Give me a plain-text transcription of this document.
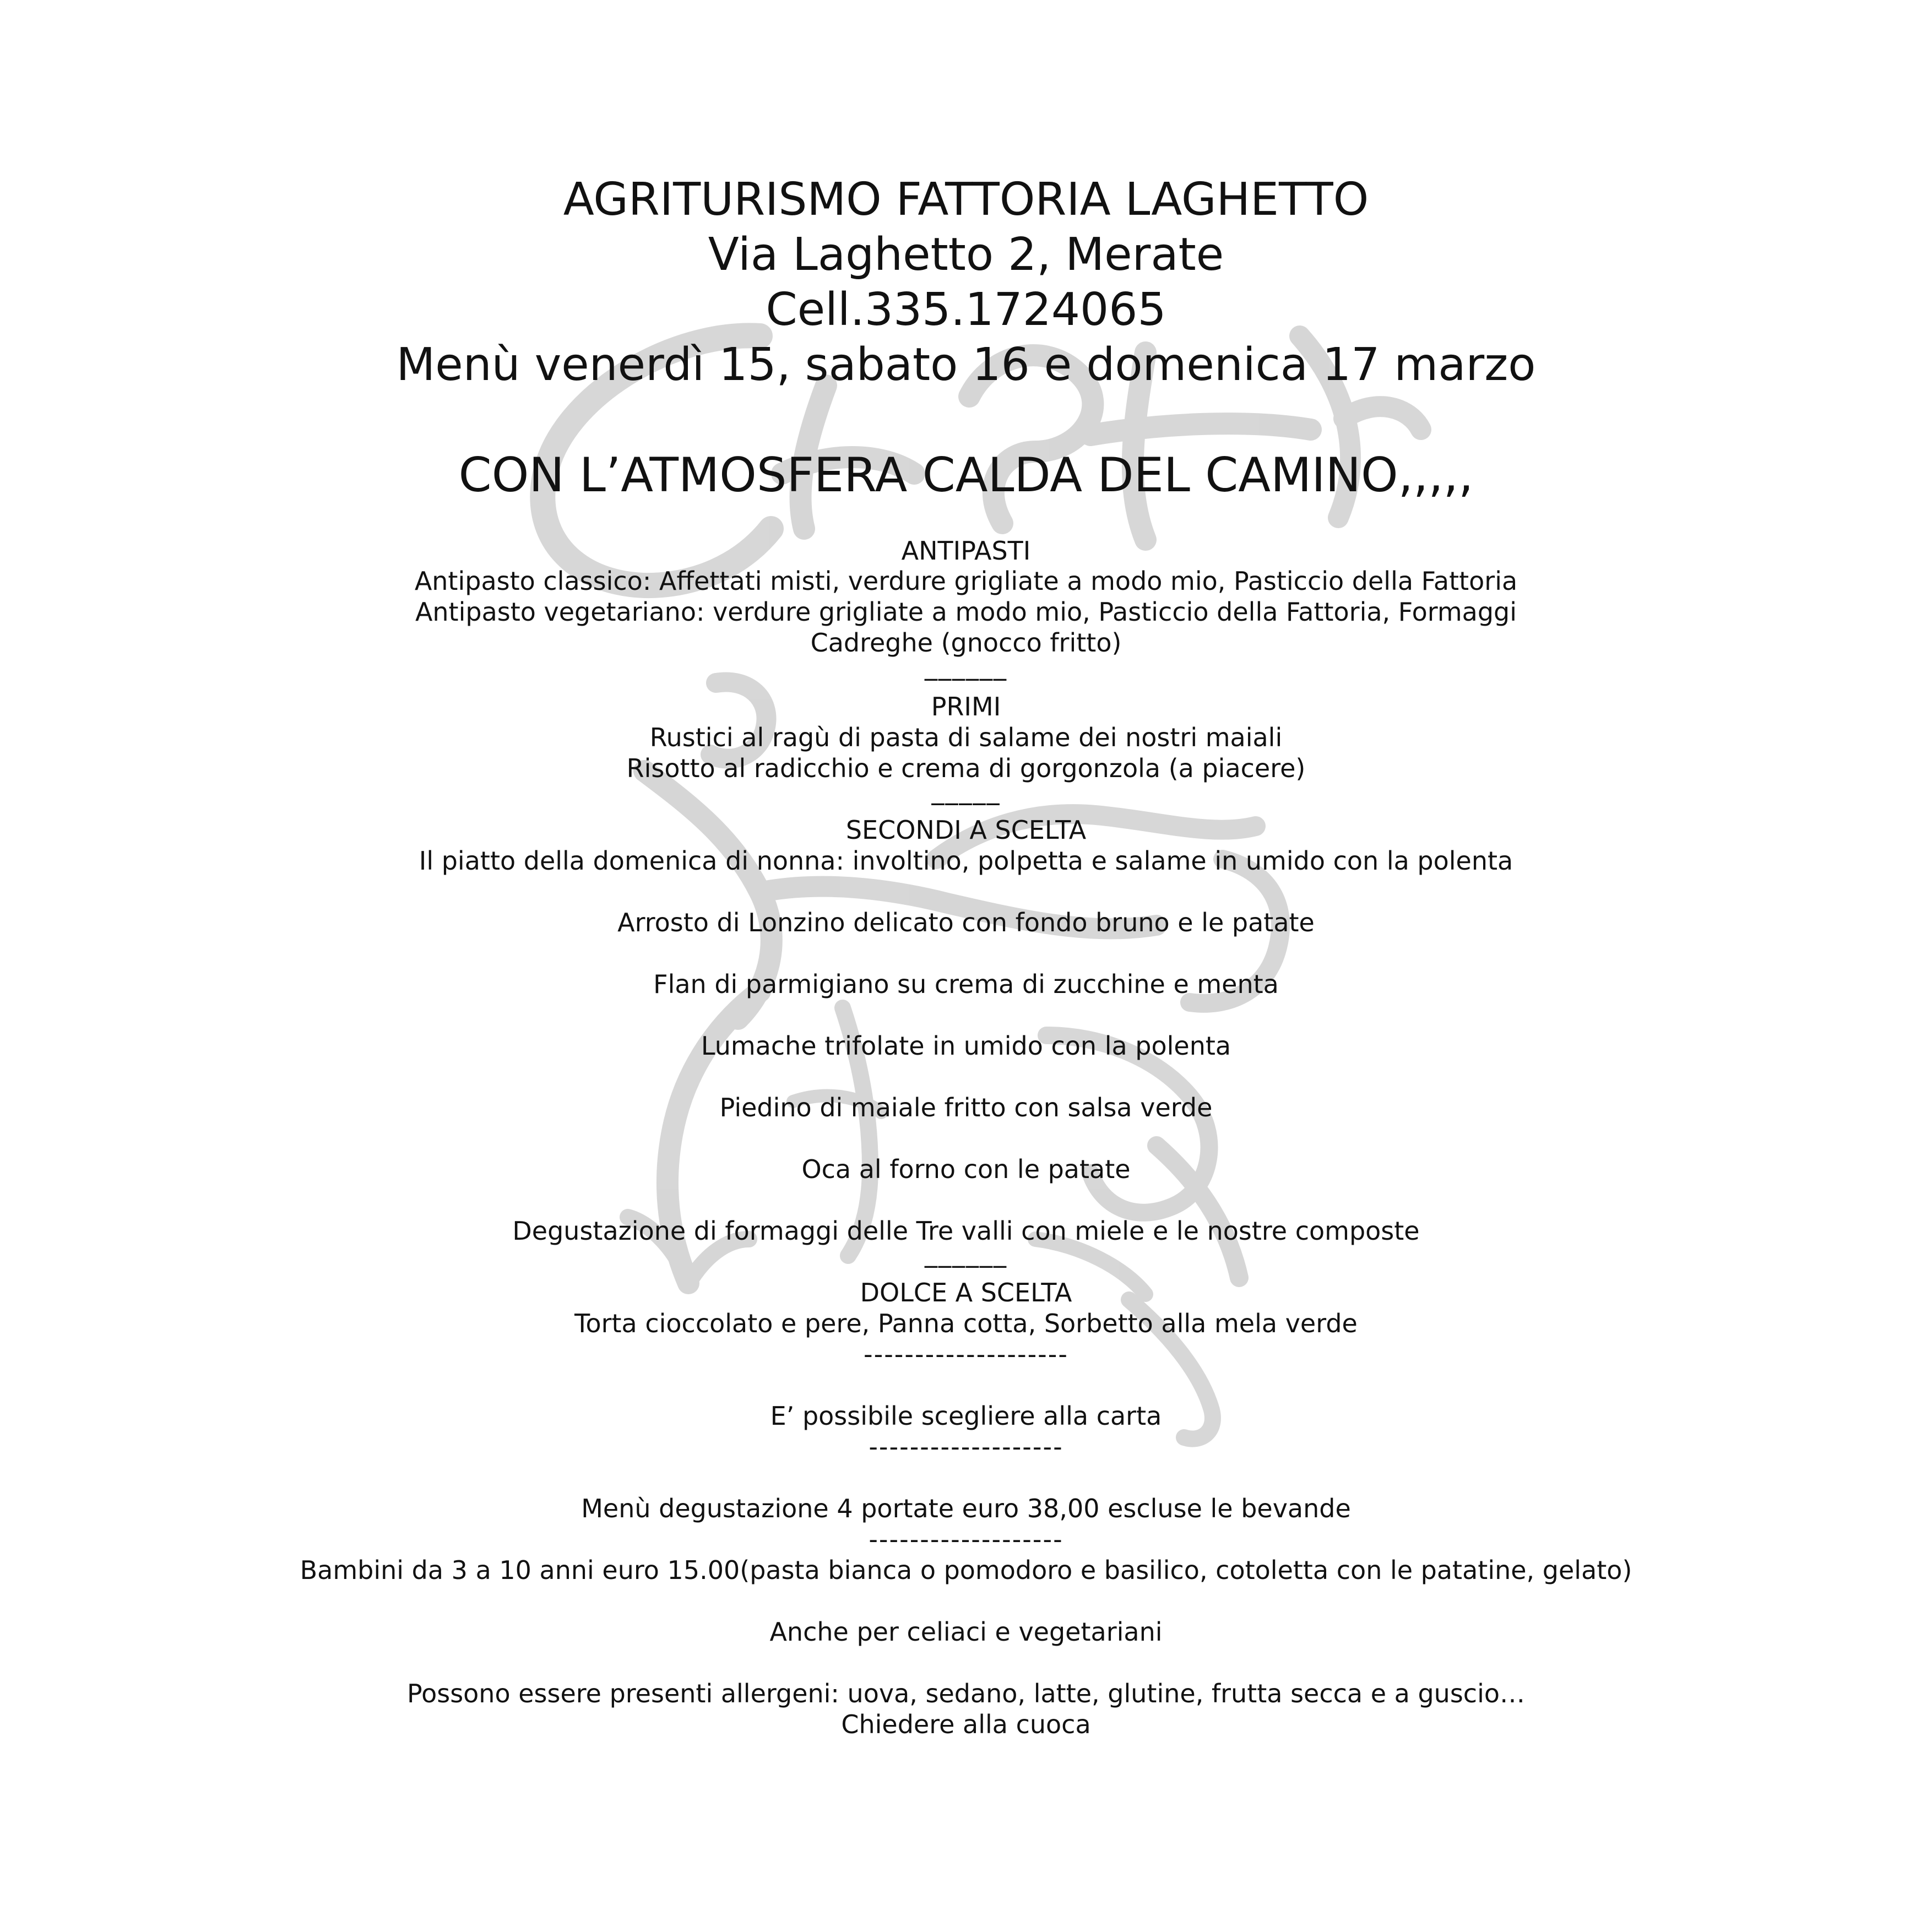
AGRITURISMO FATTORIA LAGHETTO
Via Laghetto 2, Merate
Cell.335.1724065
Menù venerdì 15, sabato 16 e domenica 17 marzo
CON L’ATMOSFERA CALDA DEL CAMINO,,,,,
ANTIPASTI
Antipasto classico: Affettati misti, verdure grigliate a modo mio, Pasticcio della Fattoria
Antipasto vegetariano: verdure grigliate a modo mio, Pasticcio della Fattoria, Formaggi
Cadreghe (gnocco fritto)
______
PRIMI
Rustici al ragù di pasta di salame dei nostri maiali
Risotto al radicchio e crema di gorgonzola (a piacere)
_____
SECONDI A SCELTA
Il piatto della domenica di nonna: involtino, polpetta e salame in umido con la polenta
Arrosto di Lonzino delicato con fondo bruno e le patate
Flan di parmigiano su crema di zucchine e menta
Lumache trifolate in umido con la polenta
Piedino di maiale fritto con salsa verde
Oca al forno con le patate
Degustazione di formaggi delle Tre valli con miele e le nostre composte
______
DOLCE A SCELTA
Torta cioccolato e pere, Panna cotta, Sorbetto alla mela verde
--------------------
E’ possibile scegliere alla carta
-------------------
Menù degustazione 4 portate euro 38,00 escluse le bevande
-------------------
Bambini da 3 a 10 anni euro 15.00(pasta bianca o pomodoro e basilico, cotoletta con le patatine, gelato)
Anche per celiaci e vegetariani
Possono essere presenti allergeni: uova, sedano, latte, glutine, frutta secca e a guscio…
Chiedere alla cuoca
